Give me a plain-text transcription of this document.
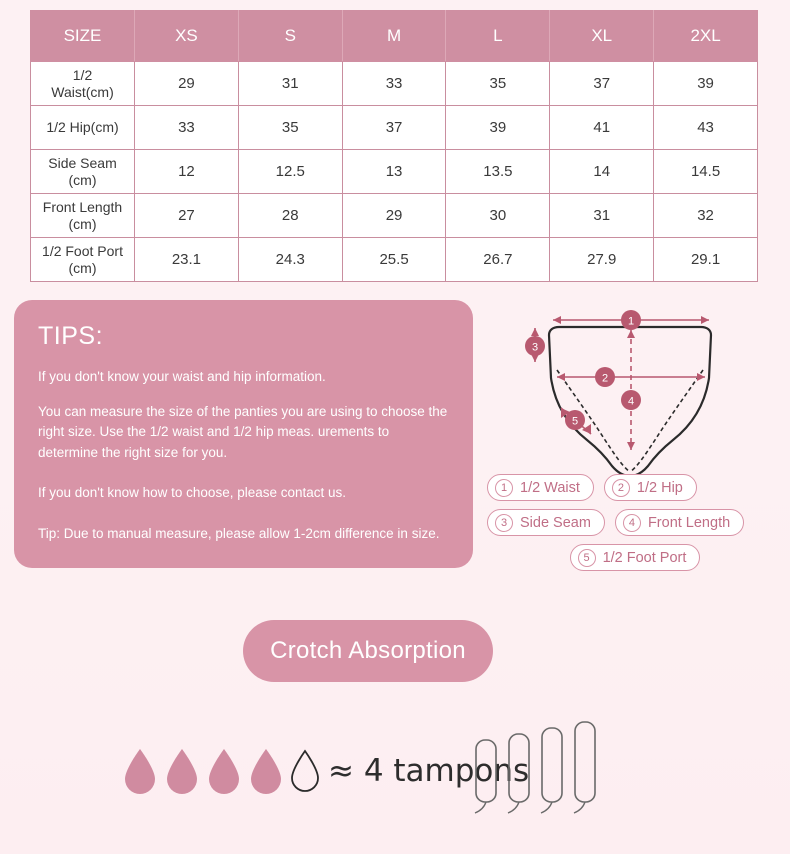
SIZE	XS	S	M	L	XL	2XL
1/2
Waist(cm)	29	31	33	35	37	39
1/2 Hip(cm)	33	35	37	39	41	43
Side Seam
(cm)	12	12.5	13	13.5	14	14.5
Front Length
(cm)	27	28	29	30	31	32
1/2 Foot Port
(cm)	23.1	24.3	25.5	26.7	27.9	29.1
TIPS:

If you don't know your waist and hip information.

You can measure the size of the panties you are using to choose the right size. Use the 1/2 waist and 1/2 hip meas. urements to determine the right size for you.

If you don't know how to choose, please contact us.

Tip: Due to manual measure, please allow 1-2cm difference in size.

1
2
3
4
5
1 1/2 Waist	2 1/2 Hip
3 Side Seam	4 Front Length
5 1/2 Foot Port
Crotch Absorption
≈ 4 tampons
